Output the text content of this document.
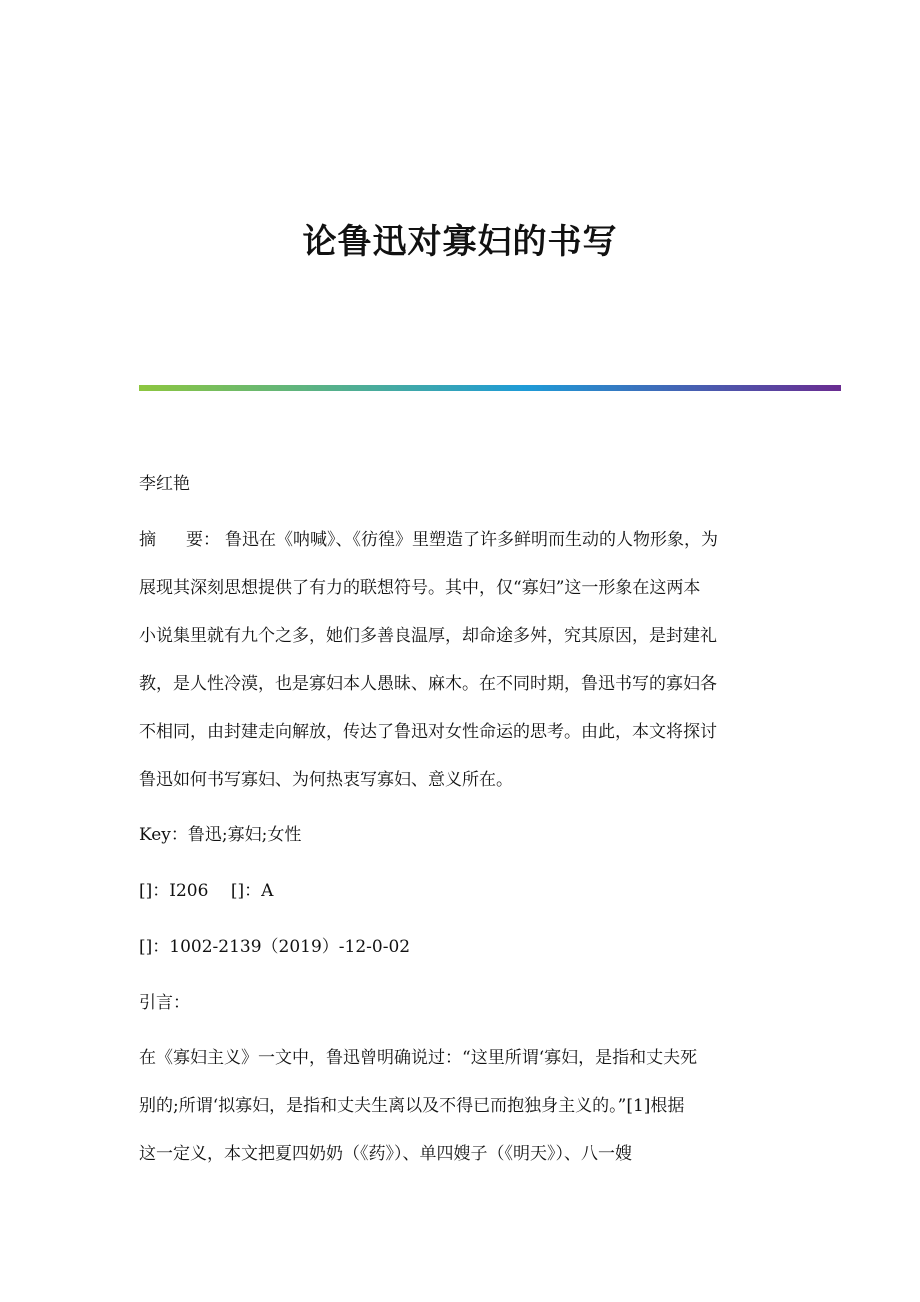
论鲁迅对寡妇的书写
李红艳
摘 要： 鲁迅在《呐喊》、《彷徨》里塑造了许多鲜明而生动的人物形象，为
展现其深刻思想提供了有力的联想符号。其中，仅“寡妇”这一形象在这两本
小说集里就有九个之多，她们多善良温厚，却命途多舛，究其原因，是封建礼
教，是人性冷漠，也是寡妇本人愚昧、麻木。在不同时期，鲁迅书写的寡妇各
不相同，由封建走向解放，传达了鲁迅对女性命运的思考。由此，本文将探讨
鲁迅如何书写寡妇、为何热衷写寡妇、意义所在。
Key：鲁迅;寡妇;女性
[]：I206　 []：A
[]：1002-2139（2019）-12-0-02
引言：
在《寡妇主义》一文中，鲁迅曾明确说过：“这里所谓‘寡妇，是指和丈夫死
别的;所谓‘拟寡妇，是指和丈夫生离以及不得已而抱独身主义的。”[1]根据
这一定义，本文把夏四奶奶（《药》）、单四嫂子（《明天》）、八一嫂
